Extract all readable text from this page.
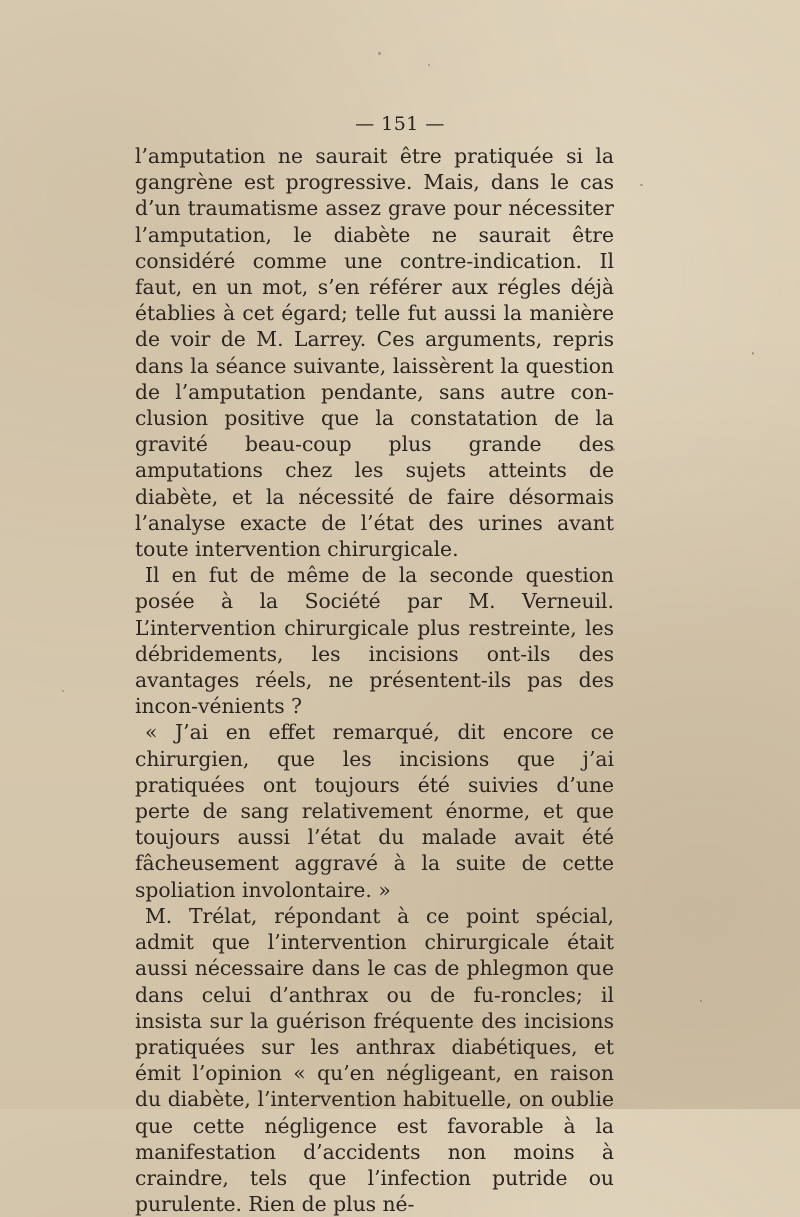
— 151 —

l’amputation ne saurait être pratiquée si la gangrène est progressive. Mais, dans le cas d’un traumatisme assez grave pour nécessiter l’amputation, le diabète ne saurait être considéré comme une contre-indication. Il faut, en un mot, s’en référer aux régles déjà établies à cet égard; telle fut aussi la manière de voir de M. Larrey. Ces arguments, repris dans la séance suivante, laissèrent la question de l’amputation pendante, sans autre con-clusion positive que la constatation de la gravité beau-coup plus grande des amputations chez les sujets atteints de diabète, et la nécessité de faire désormais l’analyse exacte de l’état des urines avant toute intervention chirurgicale.

Il en fut de même de la seconde question posée à la Société par M. Verneuil. L’intervention chirurgicale plus restreinte, les débridements, les incisions ont-ils des avantages réels, ne présentent-ils pas des incon-vénients ?

« J’ai en effet remarqué, dit encore ce chirurgien, que les incisions que j’ai pratiquées ont toujours été suivies d’une perte de sang relativement énorme, et que toujours aussi l’état du malade avait été fâcheusement aggravé à la suite de cette spoliation involontaire. »

M. Trélat, répondant à ce point spécial, admit que l’intervention chirurgicale était aussi nécessaire dans le cas de phlegmon que dans celui d’anthrax ou de fu-roncles; il insista sur la guérison fréquente des incisions pratiquées sur les anthrax diabétiques, et émit l’opinion « qu’en négligeant, en raison du diabète, l’intervention habituelle, on oublie que cette négligence est favorable à la manifestation d’accidents non moins à craindre, tels que l’infection putride ou purulente. Rien de plus né-
